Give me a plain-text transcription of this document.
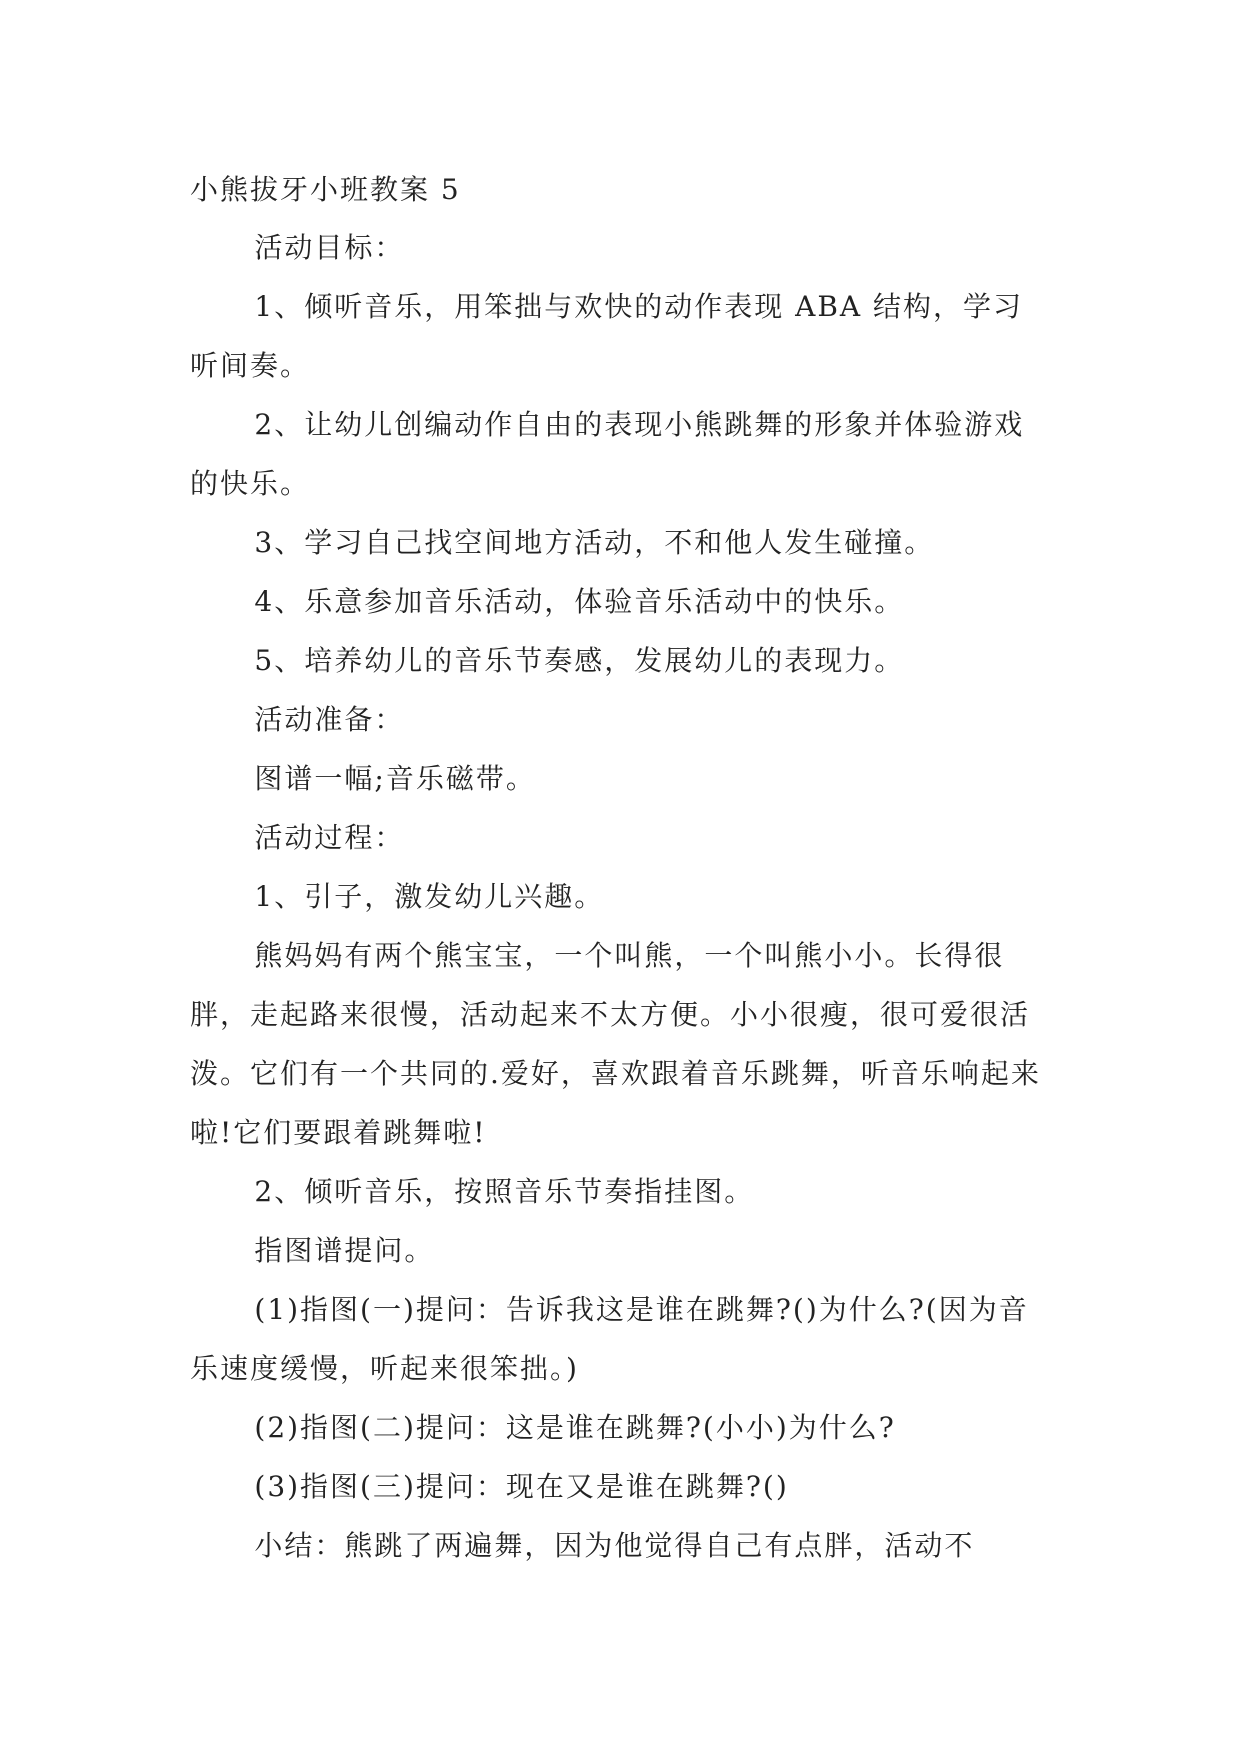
小熊拔牙小班教案 5

活动目标：

1、倾听音乐，用笨拙与欢快的动作表现 ABA 结构，学习听间奏。

2、让幼儿创编动作自由的表现小熊跳舞的形象并体验游戏的快乐。

3、学习自己找空间地方活动，不和他人发生碰撞。

4、乐意参加音乐活动，体验音乐活动中的快乐。

5、培养幼儿的音乐节奏感，发展幼儿的表现力。

活动准备：

图谱一幅;音乐磁带。

活动过程：

1、引子，激发幼儿兴趣。

熊妈妈有两个熊宝宝，一个叫熊，一个叫熊小小。长得很胖，走起路来很慢，活动起来不太方便。小小很瘦，很可爱很活泼。它们有一个共同的.爱好，喜欢跟着音乐跳舞，听音乐响起来啦!它们要跟着跳舞啦!

2、倾听音乐，按照音乐节奏指挂图。

指图谱提问。

(1)指图(一)提问：告诉我这是谁在跳舞?()为什么?(因为音乐速度缓慢，听起来很笨拙。)

(2)指图(二)提问：这是谁在跳舞?(小小)为什么?

(3)指图(三)提问：现在又是谁在跳舞?()

小结：熊跳了两遍舞，因为他觉得自己有点胖，活动不
